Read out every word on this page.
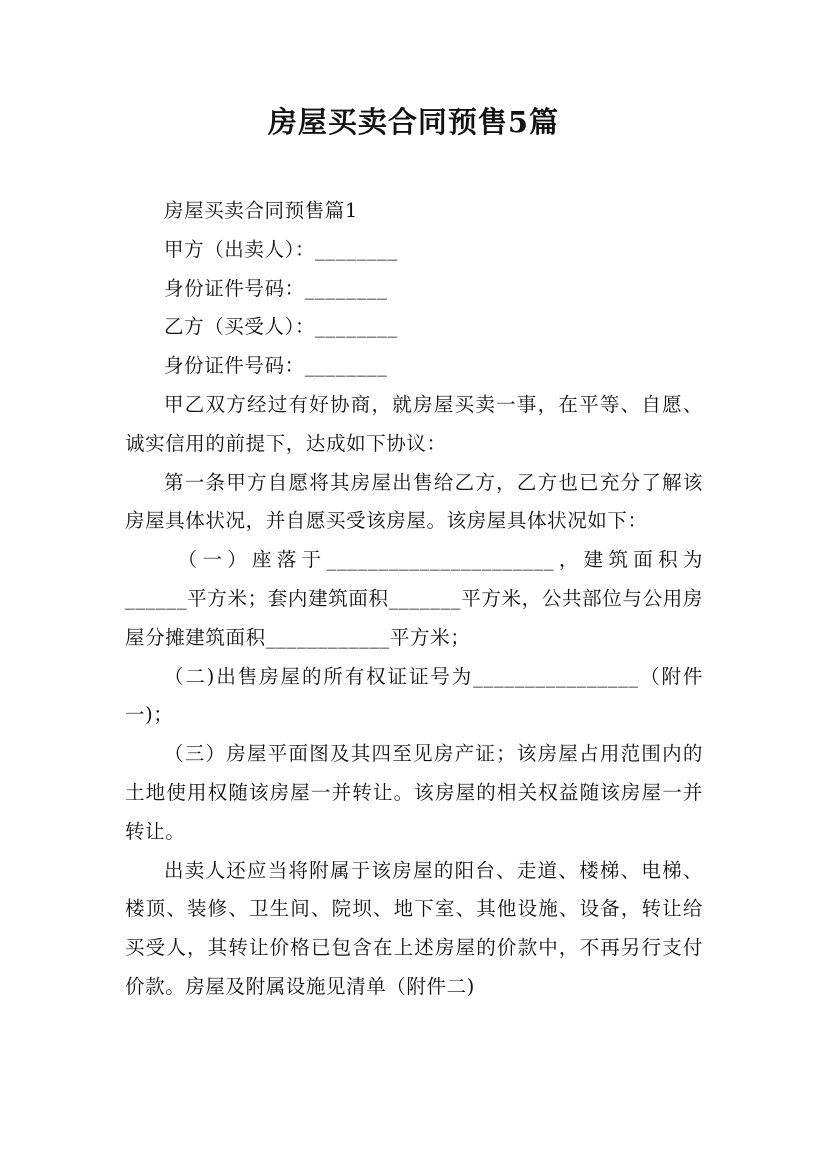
房屋买卖合同预售5篇

房屋买卖合同预售篇1

甲方（出卖人）：________

身份证件号码：________

乙方（买受人）：________

身份证件号码：________

甲乙双方经过有好协商，就房屋买卖一事，在平等、自愿、诚实信用的前提下，达成如下协议：

第一条甲方自愿将其房屋出售给乙方，乙方也已充分了解该房屋具体状况，并自愿买受该房屋。该房屋具体状况如下：

（一）座落于______________________，建筑面积为______平方米；套内建筑面积_______平方米，公共部位与公用房屋分摊建筑面积____________平方米；

（二)出售房屋的所有权证证号为________________（附件一)；

（三）房屋平面图及其四至见房产证；该房屋占用范围内的土地使用权随该房屋一并转让。该房屋的相关权益随该房屋一并转让。

出卖人还应当将附属于该房屋的阳台、走道、楼梯、电梯、楼顶、装修、卫生间、院坝、地下室、其他设施、设备，转让给买受人，其转让价格已包含在上述房屋的价款中，不再另行支付价款。房屋及附属设施见清单（附件二)
